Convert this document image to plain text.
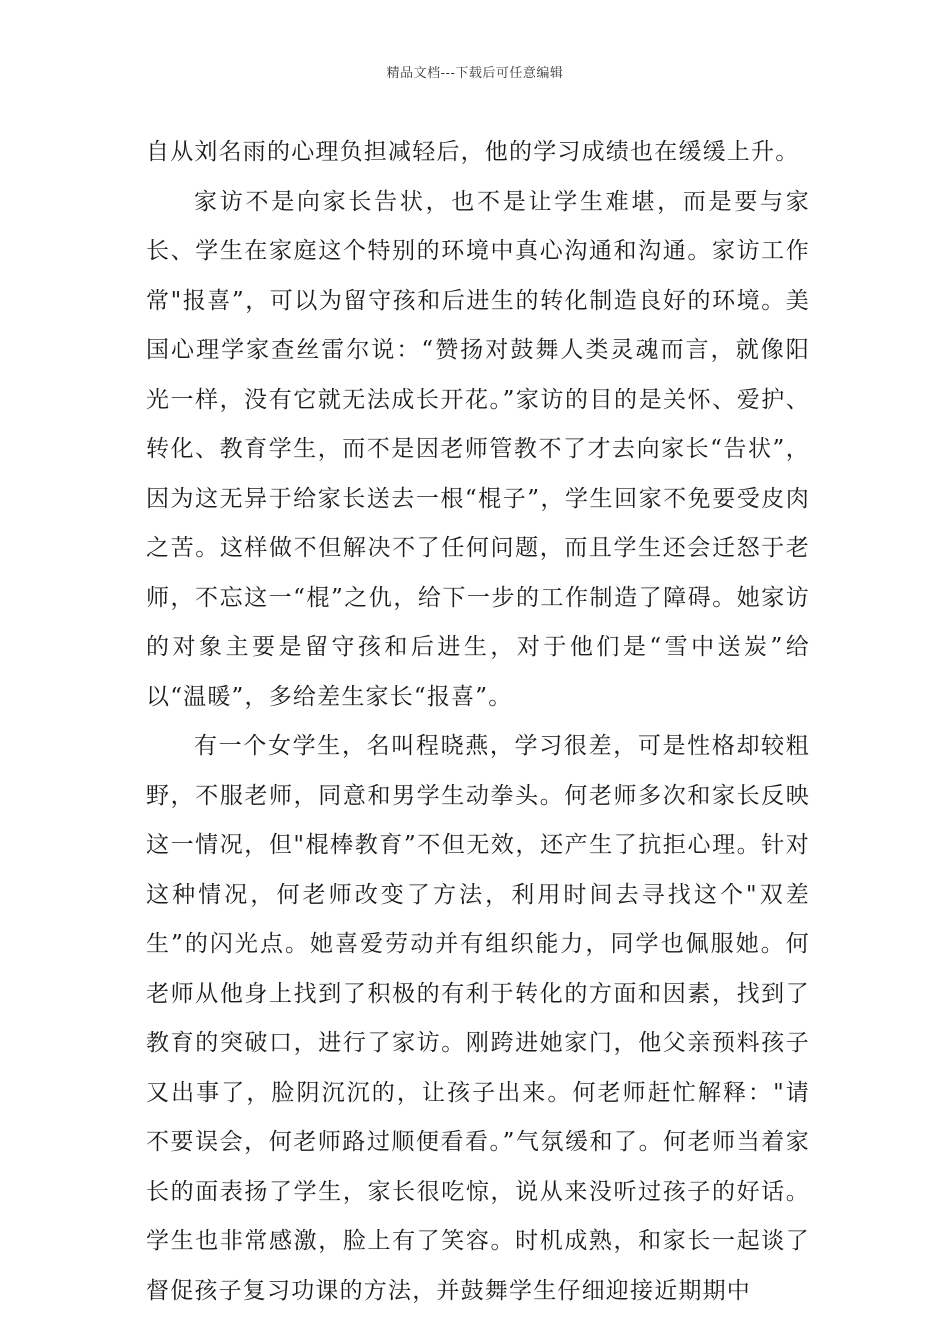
精品文档---下载后可任意编辑

自从刘名雨的心理负担减轻后，他的学习成绩也在缓缓上升。

家访不是向家长告状，也不是让学生难堪，而是要与家长、学生在家庭这个特别的环境中真心沟通和沟通。家访工作常"报喜”，可以为留守孩和后进生的转化制造良好的环境。美国心理学家查丝雷尔说：“赞扬对鼓舞人类灵魂而言，就像阳光一样，没有它就无法成长开花。”家访的目的是关怀、爱护、转化、教育学生，而不是因老师管教不了才去向家长“告状”，因为这无异于给家长送去一根“棍子”，学生回家不免要受皮肉之苦。这样做不但解决不了任何问题，而且学生还会迁怒于老师，不忘这一“棍”之仇，给下一步的工作制造了障碍。她家访的对象主要是留守孩和后进生，对于他们是“雪中送炭”给以“温暖”，多给差生家长“报喜”。

有一个女学生，名叫程晓燕，学习很差，可是性格却较粗野，不服老师，同意和男学生动拳头。何老师多次和家长反映这一情况，但"棍棒教育”不但无效，还产生了抗拒心理。针对这种情况，何老师改变了方法，利用时间去寻找这个"双差生”的闪光点。她喜爱劳动并有组织能力，同学也佩服她。何老师从他身上找到了积极的有利于转化的方面和因素，找到了教育的突破口，进行了家访。刚跨进她家门，他父亲预料孩子又出事了，脸阴沉沉的，让孩子出来。何老师赶忙解释："请不要误会，何老师路过顺便看看。”气氛缓和了。何老师当着家长的面表扬了学生，家长很吃惊，说从来没听过孩子的好话。学生也非常感激，脸上有了笑容。时机成熟，和家长一起谈了督促孩子复习功课的方法，并鼓舞学生仔细迎接近期期中
